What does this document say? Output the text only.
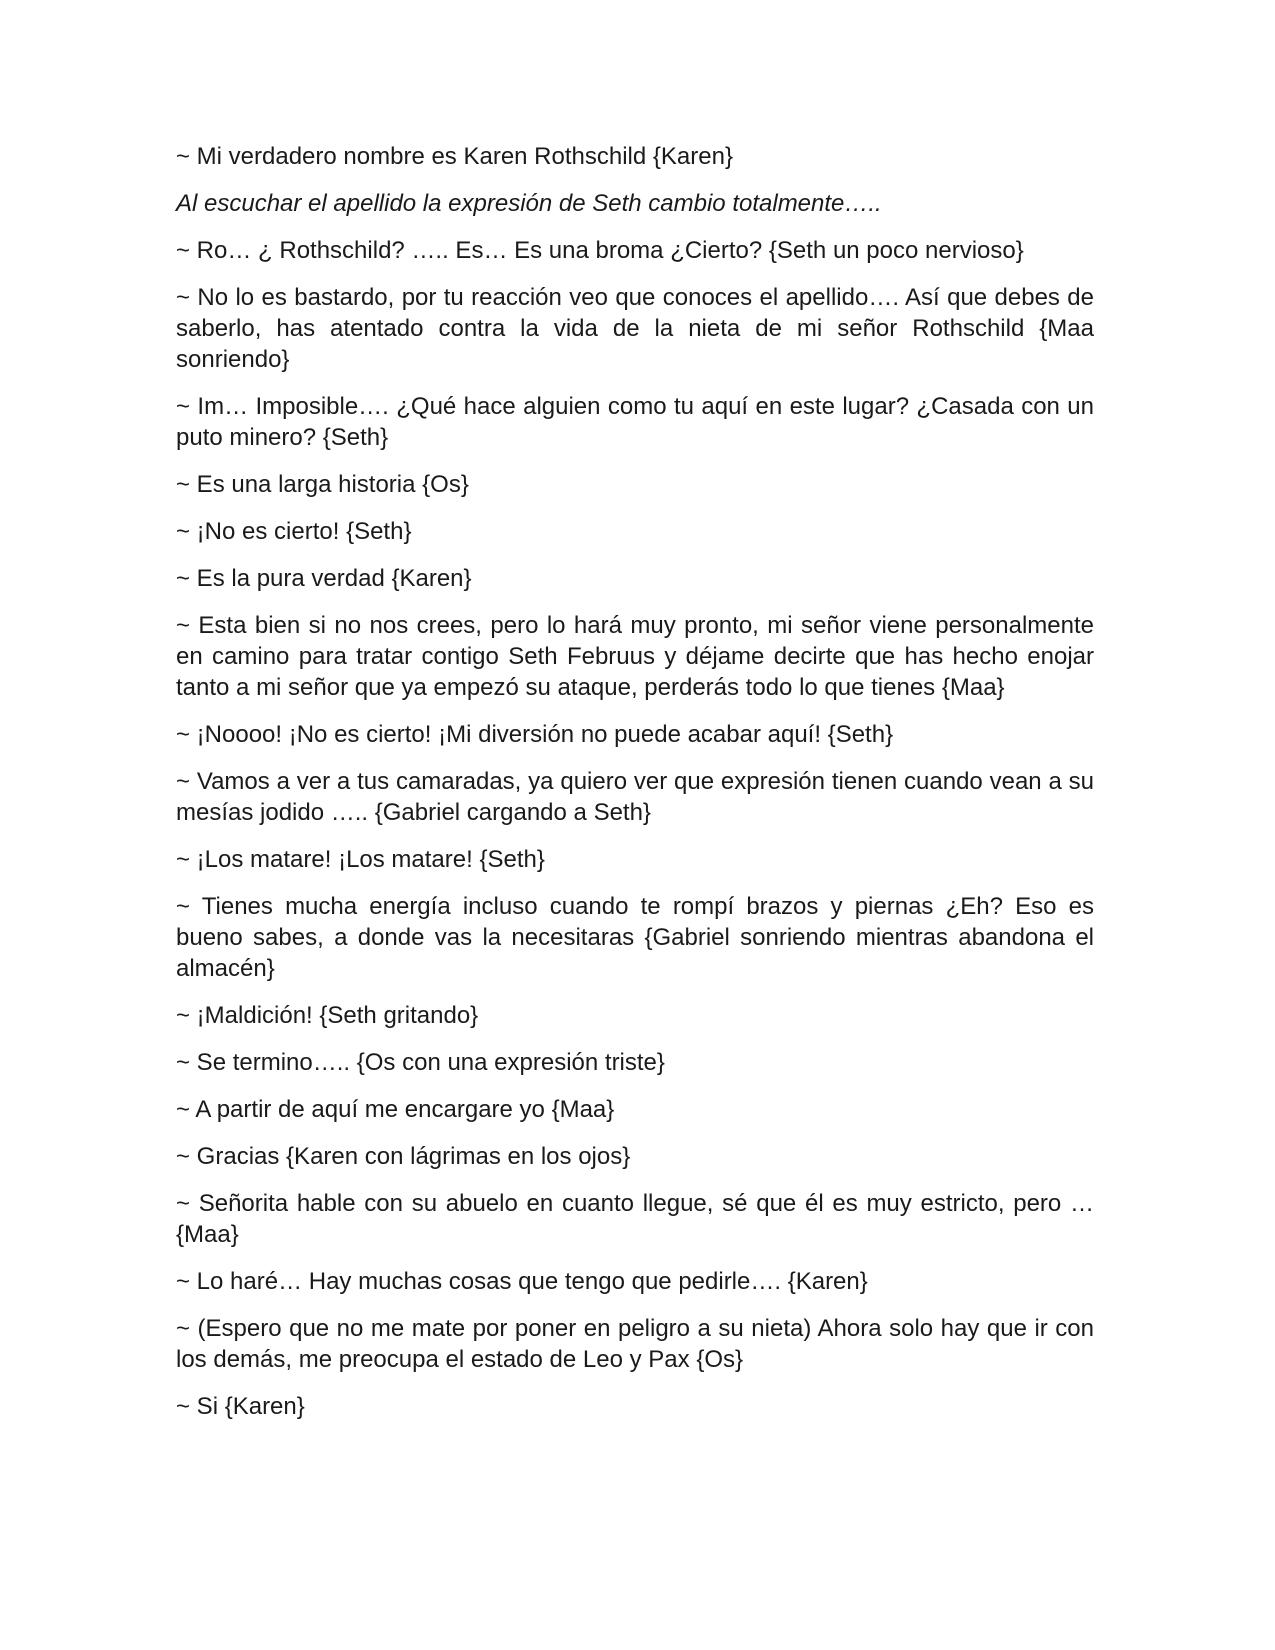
~ Mi verdadero nombre es Karen Rothschild {Karen}

Al escuchar el apellido la expresión de Seth cambio totalmente…..

~ Ro… ¿ Rothschild? ….. Es… Es una broma ¿Cierto? {Seth un poco nervioso}

~ No lo es bastardo, por tu reacción veo que conoces el apellido…. Así que debes de saberlo, has atentado contra la vida de la nieta de mi señor Rothschild {Maa sonriendo}

~ Im… Imposible…. ¿Qué hace alguien como tu aquí en este lugar? ¿Casada con un puto minero? {Seth}

~ Es una larga historia {Os}

~ ¡No es cierto! {Seth}

~ Es la pura verdad {Karen}

~ Esta bien si no nos crees, pero lo hará muy pronto, mi señor viene personalmente en camino para tratar contigo Seth Februus y déjame decirte que has hecho enojar tanto a mi señor que ya empezó su ataque, perderás todo lo que tienes {Maa}

~ ¡Noooo! ¡No es cierto! ¡Mi diversión no puede acabar aquí! {Seth}

~ Vamos a ver a tus camaradas, ya quiero ver que expresión tienen cuando vean a su mesías jodido ….. {Gabriel cargando a Seth}

~ ¡Los matare! ¡Los matare! {Seth}

~ Tienes mucha energía incluso cuando te rompí brazos y piernas ¿Eh? Eso es bueno sabes, a donde vas la necesitaras {Gabriel sonriendo mientras abandona el almacén}

~ ¡Maldición! {Seth gritando}

~ Se termino….. {Os con una expresión triste}

~ A partir de aquí me encargare yo {Maa}

~ Gracias {Karen con lágrimas en los ojos}

~ Señorita hable con su abuelo en cuanto llegue, sé que él es muy estricto, pero … {Maa}

~ Lo haré… Hay muchas cosas que tengo que pedirle…. {Karen}

~ (Espero que no me mate por poner en peligro a su nieta) Ahora solo hay que ir con los demás, me preocupa el estado de Leo y Pax {Os}

~ Si {Karen}
